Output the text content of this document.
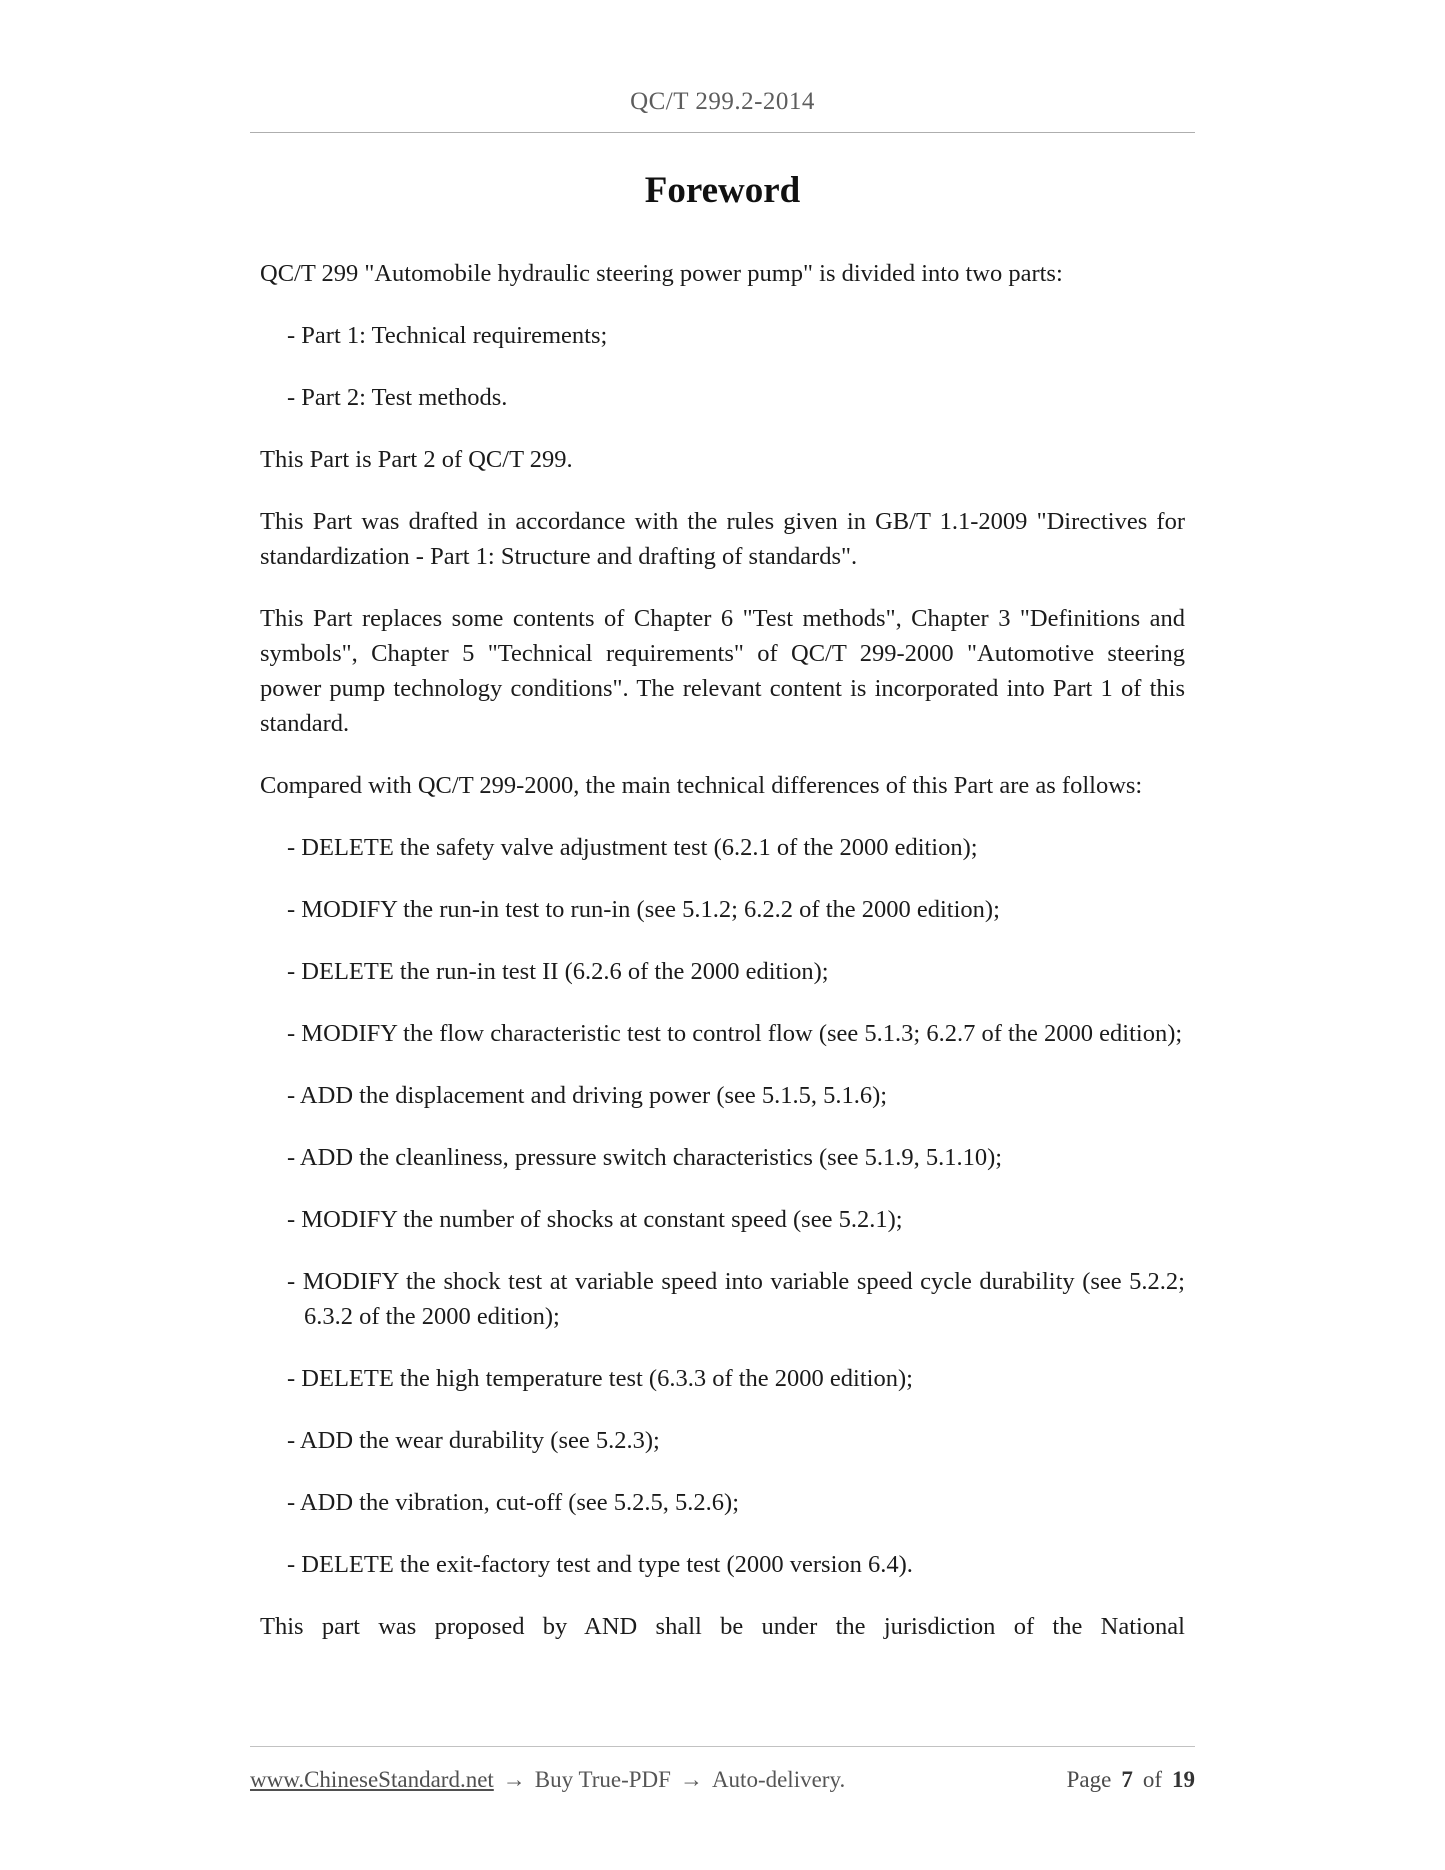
QC/T 299.2-2014
Foreword

QC/T 299 "Automobile hydraulic steering power pump" is divided into two parts:

- Part 1: Technical requirements;

- Part 2: Test methods.

This Part is Part 2 of QC/T 299.

This Part was drafted in accordance with the rules given in GB/T 1.1-2009 "Directives for standardization - Part 1: Structure and drafting of standards".

This Part replaces some contents of Chapter 6 "Test methods", Chapter 3 "Definitions and symbols", Chapter 5 "Technical requirements" of QC/T 299-2000 "Automotive steering power pump technology conditions". The relevant content is incorporated into Part 1 of this standard.

Compared with QC/T 299-2000, the main technical differences of this Part are as follows:

- DELETE the safety valve adjustment test (6.2.1 of the 2000 edition);

- MODIFY the run-in test to run-in (see 5.1.2; 6.2.2 of the 2000 edition);

- DELETE the run-in test II (6.2.6 of the 2000 edition);

- MODIFY the flow characteristic test to control flow (see 5.1.3; 6.2.7 of the 2000 edition);

- ADD the displacement and driving power (see 5.1.5, 5.1.6);

- ADD the cleanliness, pressure switch characteristics (see 5.1.9, 5.1.10);

- MODIFY the number of shocks at constant speed (see 5.2.1);

- MODIFY the shock test at variable speed into variable speed cycle durability (see 5.2.2; 6.3.2 of the 2000 edition);

- DELETE the high temperature test (6.3.3 of the 2000 edition);

- ADD the wear durability (see 5.2.3);

- ADD the vibration, cut-off (see 5.2.5, 5.2.6);

- DELETE the exit-factory test and type test (2000 version 6.4).

This part was proposed by AND shall be under the jurisdiction of the National

www.ChineseStandard.net → Buy True-PDF → Auto-delivery.	Page 7 of 19
